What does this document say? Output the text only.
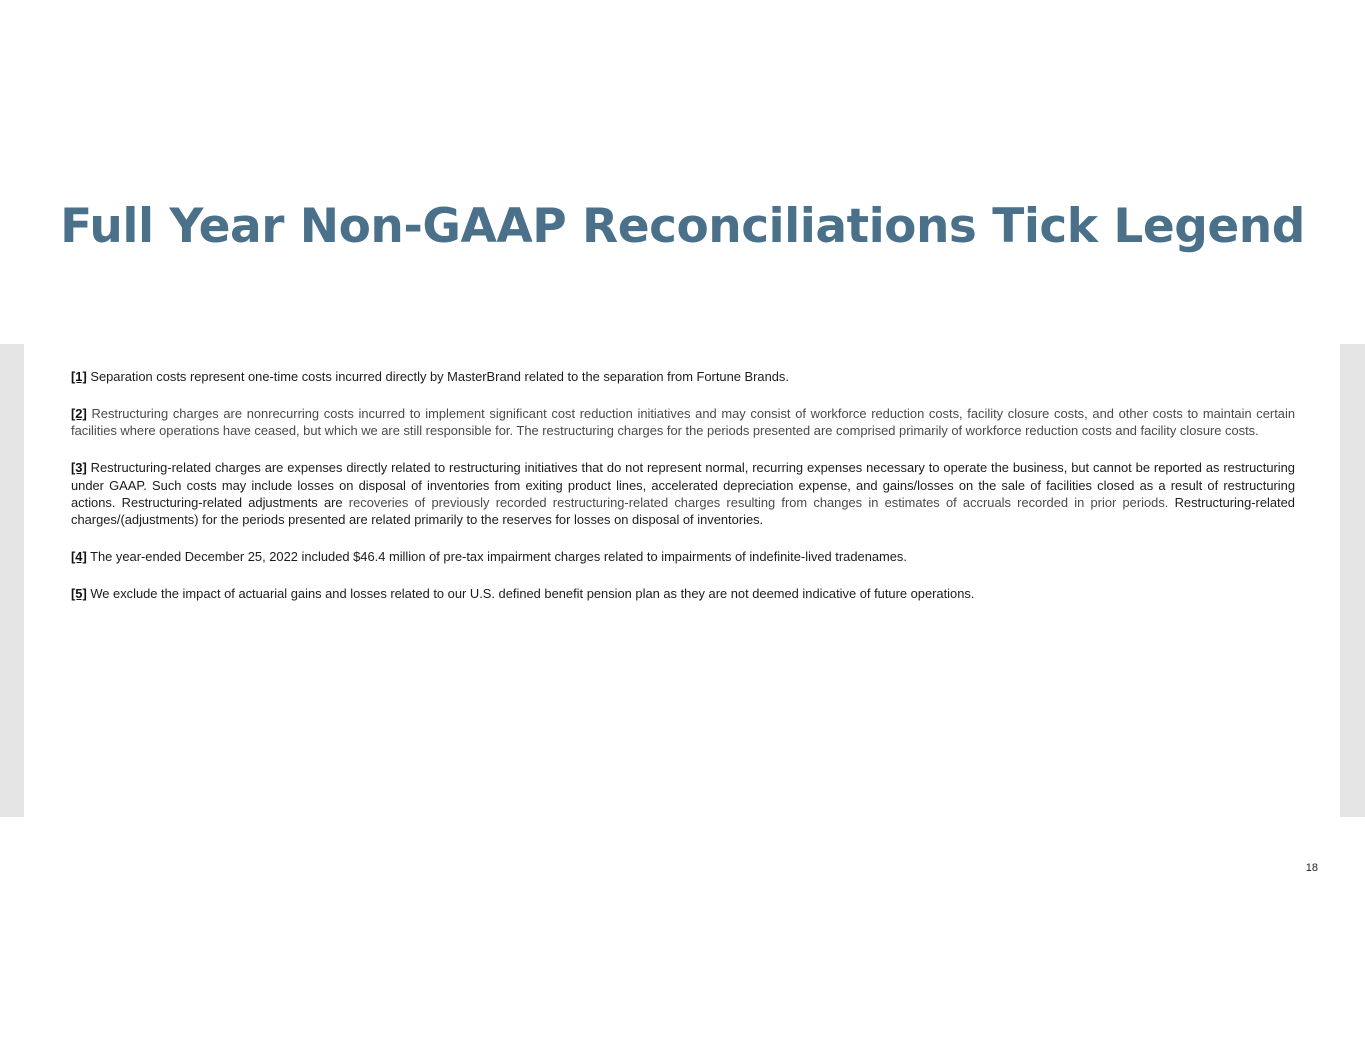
Full Year Non-GAAP Reconciliations Tick Legend

[1] Separation costs represent one-time costs incurred directly by MasterBrand related to the separation from Fortune Brands.

[2] Restructuring charges are nonrecurring costs incurred to implement significant cost reduction initiatives and may consist of workforce reduction costs, facility closure costs, and other costs to maintain certain facilities where operations have ceased, but which we are still responsible for. The restructuring charges for the periods presented are comprised primarily of workforce reduction costs and facility closure costs.

[3] Restructuring-related charges are expenses directly related to restructuring initiatives that do not represent normal, recurring expenses necessary to operate the business, but cannot be reported as restructuring under GAAP. Such costs may include losses on disposal of inventories from exiting product lines, accelerated depreciation expense, and gains/losses on the sale of facilities closed as a result of restructuring actions. Restructuring-related adjustments are recoveries of previously recorded restructuring-related charges resulting from changes in estimates of accruals recorded in prior periods. Restructuring-related charges/(adjustments) for the periods presented are related primarily to the reserves for losses on disposal of inventories.

[4] The year-ended December 25, 2022 included $46.4 million of pre-tax impairment charges related to impairments of indefinite-lived tradenames.

[5] We exclude the impact of actuarial gains and losses related to our U.S. defined benefit pension plan as they are not deemed indicative of future operations.

18
